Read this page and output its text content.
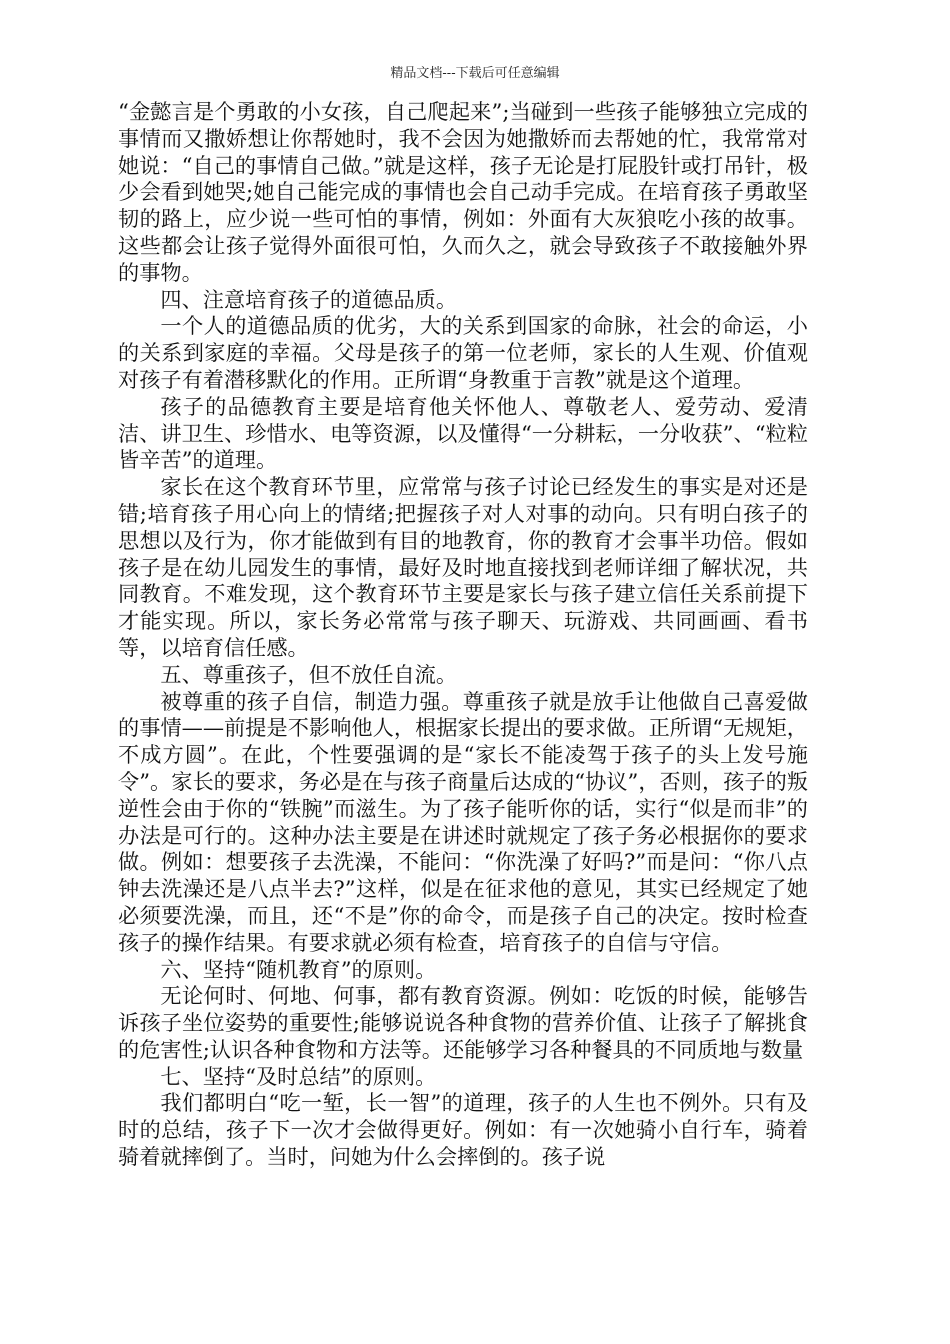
精品文档---下载后可任意编辑

“金懿言是个勇敢的小女孩，自己爬起来”;当碰到一些孩子能够独立完成的事情而又撒娇想让你帮她时，我不会因为她撒娇而去帮她的忙，我常常对她说：“自己的事情自己做。”就是这样，孩子无论是打屁股针或打吊针，极少会看到她哭;她自己能完成的事情也会自己动手完成。在培育孩子勇敢坚韧的路上，应少说一些可怕的事情，例如：外面有大灰狼吃小孩的故事。这些都会让孩子觉得外面很可怕，久而久之，就会导致孩子不敢接触外界的事物。

四、注意培育孩子的道德品质。

一个人的道德品质的优劣，大的关系到国家的命脉，社会的命运，小的关系到家庭的幸福。父母是孩子的第一位老师，家长的人生观、价值观对孩子有着潜移默化的作用。正所谓“身教重于言教”就是这个道理。

孩子的品德教育主要是培育他关怀他人、尊敬老人、爱劳动、爱清洁、讲卫生、珍惜水、电等资源，以及懂得“一分耕耘，一分收获”、“粒粒皆辛苦”的道理。

家长在这个教育环节里，应常常与孩子讨论已经发生的事实是对还是错;培育孩子用心向上的情绪;把握孩子对人对事的动向。只有明白孩子的思想以及行为，你才能做到有目的地教育，你的教育才会事半功倍。假如孩子是在幼儿园发生的事情，最好及时地直接找到老师详细了解状况，共同教育。不难发现，这个教育环节主要是家长与孩子建立信任关系前提下才能实现。所以，家长务必常常与孩子聊天、玩游戏、共同画画、看书等，以培育信任感。

五、尊重孩子，但不放任自流。

被尊重的孩子自信，制造力强。尊重孩子就是放手让他做自己喜爱做的事情——前提是不影响他人，根据家长提出的要求做。正所谓“无规矩，不成方圆”。在此，个性要强调的是“家长不能凌驾于孩子的头上发号施令”。家长的要求，务必是在与孩子商量后达成的“协议”，否则，孩子的叛逆性会由于你的“铁腕”而滋生。为了孩子能听你的话，实行“似是而非”的办法是可行的。这种办法主要是在讲述时就规定了孩子务必根据你的要求做。例如：想要孩子去洗澡，不能问：“你洗澡了好吗?”而是问：“你八点钟去洗澡还是八点半去?”这样，似是在征求他的意见，其实已经规定了她必须要洗澡，而且，还“不是”你的命令，而是孩子自己的决定。按时检查孩子的操作结果。有要求就必须有检查，培育孩子的自信与守信。

六、坚持“随机教育”的原则。

无论何时、何地、何事，都有教育资源。例如：吃饭的时候，能够告诉孩子坐位姿势的重要性;能够说说各种食物的营养价值、让孩子了解挑食的危害性;认识各种食物和方法等。还能够学习各种餐具的不同质地与数量

七、坚持“及时总结”的原则。

我们都明白“吃一堑，长一智”的道理，孩子的人生也不例外。只有及时的总结，孩子下一次才会做得更好。例如：有一次她骑小自行车，骑着骑着就摔倒了。当时，问她为什么会摔倒的。孩子说
